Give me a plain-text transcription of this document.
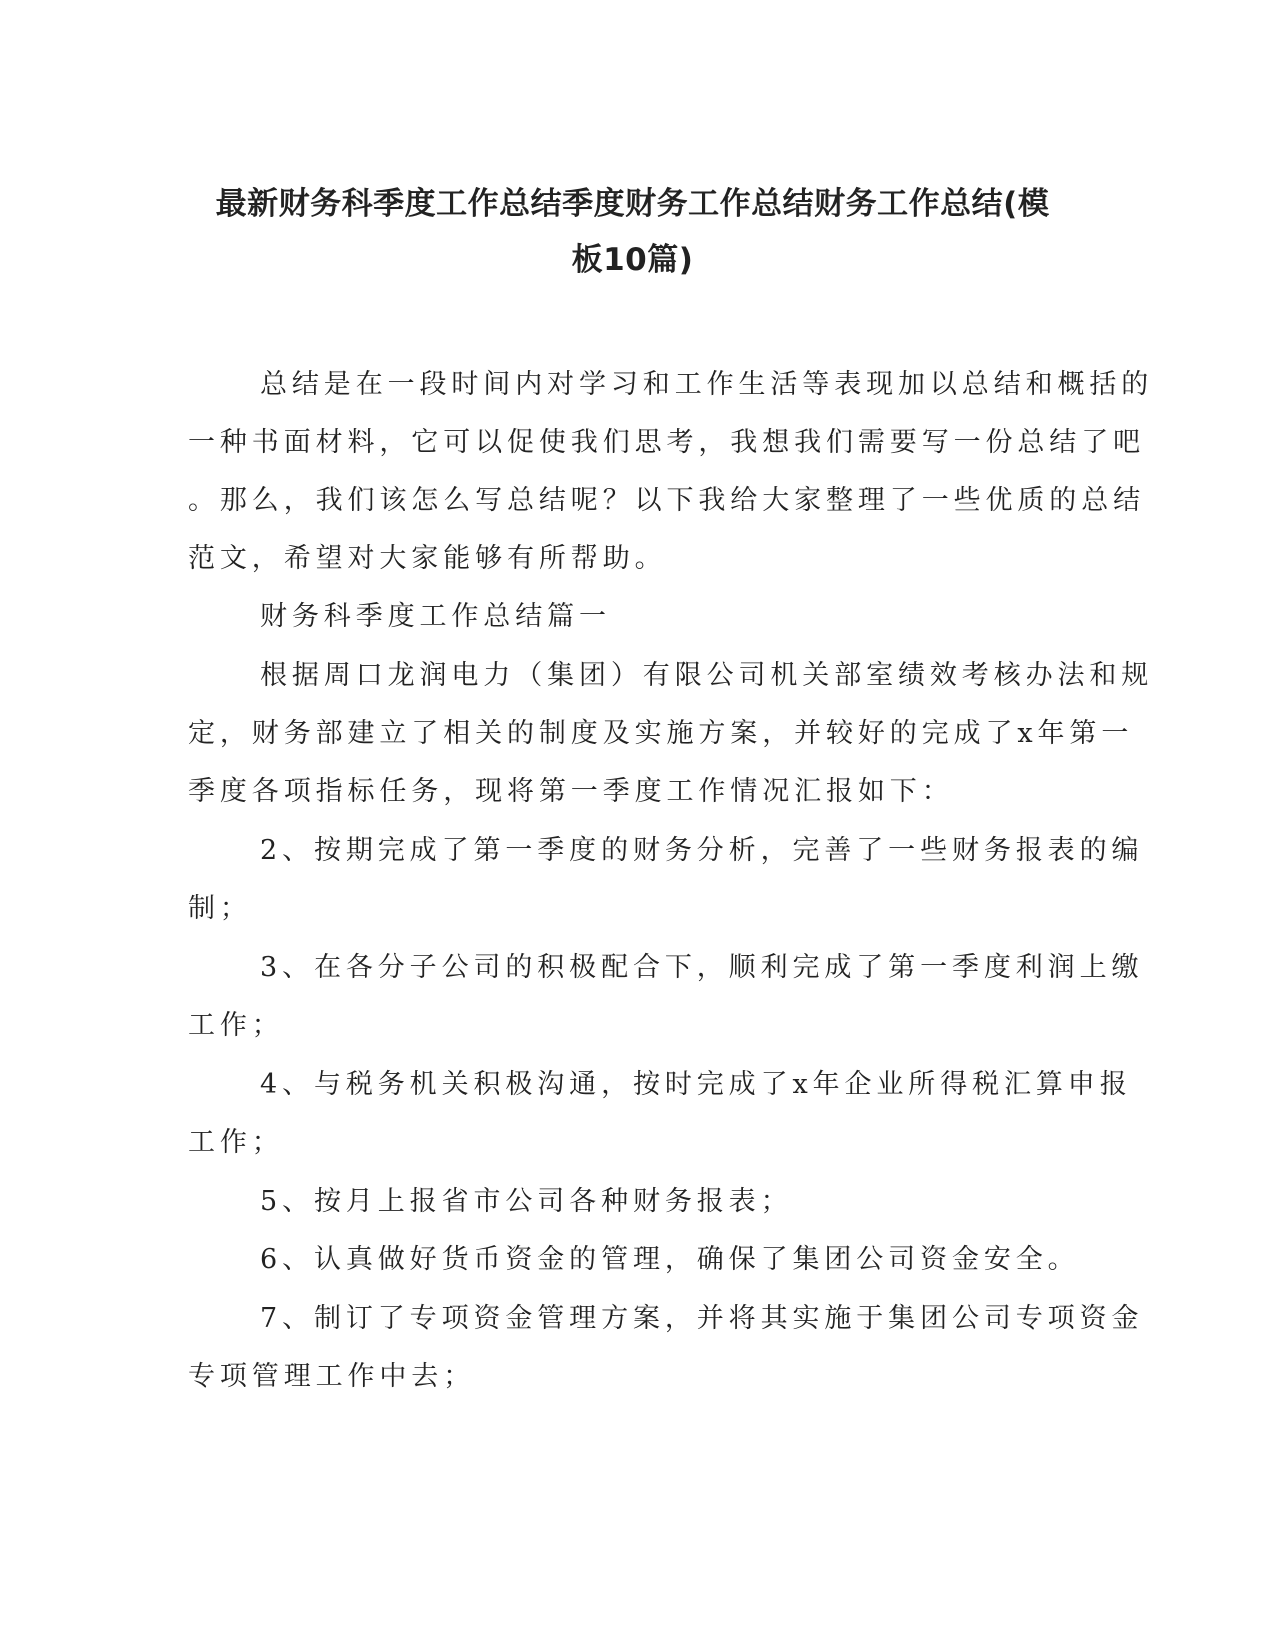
最新财务科季度工作总结季度财务工作总结财务工作总结(模
板10篇)
总结是在一段时间内对学习和工作生活等表现加以总结和概括的
一种书面材料，它可以促使我们思考，我想我们需要写一份总结了吧
。那么，我们该怎么写总结呢？以下我给大家整理了一些优质的总结
范文，希望对大家能够有所帮助。
财务科季度工作总结篇一
根据周口龙润电力（集团）有限公司机关部室绩效考核办法和规
定，财务部建立了相关的制度及实施方案，并较好的完成了x年第一
季度各项指标任务，现将第一季度工作情况汇报如下：
2、按期完成了第一季度的财务分析，完善了一些财务报表的编
制；
3、在各分子公司的积极配合下，顺利完成了第一季度利润上缴
工作；
4、与税务机关积极沟通，按时完成了x年企业所得税汇算申报
工作；
5、按月上报省市公司各种财务报表；
6、认真做好货币资金的管理，确保了集团公司资金安全。
7、制订了专项资金管理方案，并将其实施于集团公司专项资金
专项管理工作中去；
